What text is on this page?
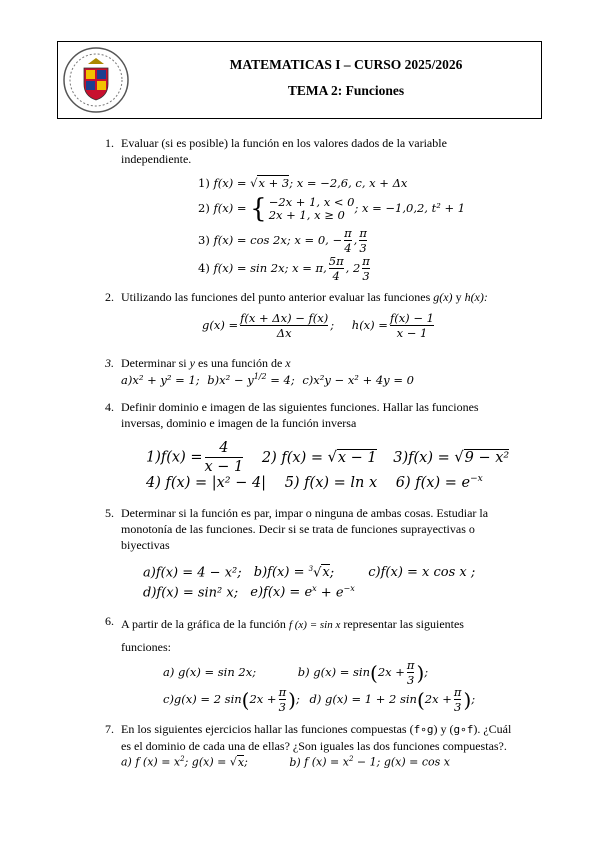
MATEMATICAS I – CURSO 2025/2026
TEMA 2: Funciones
1. Evaluar (si es posible) la función en los valores dados de la variable
independiente.
1) f(x) = √x + 3; x = −2,6, c, x + Δx
2) f(x) = { −2x + 1, x < 0
2x + 1, x ≥ 0 ; x = −1,0,2, t² + 1
3) f(x) = cos 2x; x = 0, − $\frac{\pi}{4}$ , $\frac{\pi}{3}$
4) f(x) = sin 2x; x = π, $\frac{5\pi}{4}$ , $2 \frac{\pi}{3}$
2. Utilizando las funciones del punto anterior evaluar las funciones g(x) y h(x):
$g(x) = \frac{f(x + \Delta x) - f(x)}{\Delta x}$ ; $h(x) = \frac{f(x) - 1}{x - 1}$
3. Determinar si y es una función de x
a)x² + y² = 1; $b)x^2 - y^{1/2} = 4$; c)x²y − x² + 4y = 0
4. Definir dominio e imagen de las siguientes funciones. Hallar las funciones
inversas, dominio e imagen de la función inversa
$1)f(x) = \frac{4}{x - 1} 2$) f(x) = √x − 1 3)f(x) = √9 − x²
4) f(x) = |x² − 4| 5) f(x) = ln x 6) $f(x) = e^{-x}$
5. Determinar si la función es par, impar o ninguna de ambas cosas. Estudiar la
monotonía de las funciones. Decir si se trata de funciones suprayectivas o
biyectivas
a)f(x) = 4 − x²; b)f(x) = $^3$√x;	c)f(x) = x cos x ;
d)f(x) = sin² x; $e)f(x) = e^x + e^{-x}$
6. A partir de la gráfica de la función f (x) = sin x representar las siguientes
funciones:
a) g(x) = sin 2x;	b) $g(x) = \sin(2x + \frac{\pi}{3}$ );
c)g(x) = 2 $\sin(2x + \frac{\pi}{3}$ ); d) g(x) = 1 + 2 $\sin(2x + \frac{\pi}{3}$ );
7. En los siguientes ejercicios hallar las funciones compuestas (f∘g) y (g∘f). ¿Cuál
es el dominio de cada una de ellas? ¿Son iguales las dos funciones compuestas?.
a) f $(x) = x^2$; g(x) = √x;	b) f $(x) = x^2 - 1$; g(x) = cos x
